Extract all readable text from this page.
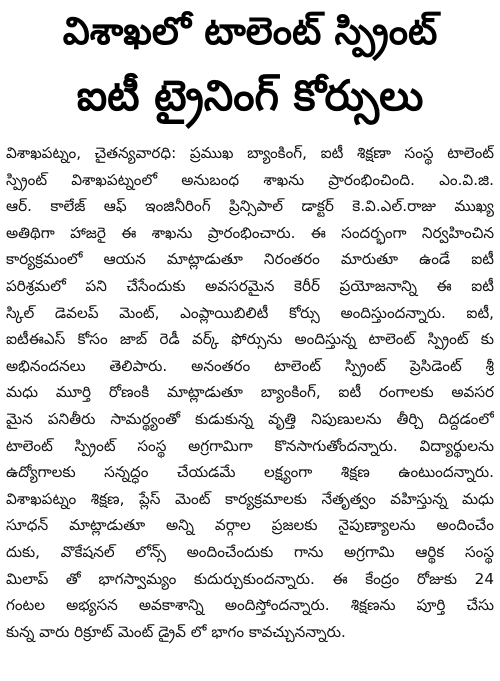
విశాఖలో టాలెంట్ స్ప్రింట్
ఐటీ ట్రైనింగ్ కోర్సులు
విశాఖపట్నం, చైతన్యవారధి: ప్రముఖ బ్యాంకింగ్, ఐటీ శిక్షణా సంస్థ టాలెంట్
స్ప్రింట్ విశాఖపట్నంలో అనుబంధ శాఖను ప్రారంభించింది. ఎం.వి.జి.
ఆర్. కాలేజ్ ఆఫ్ ఇంజినీరింగ్ ప్రిన్సిపాల్ డాక్టర్ కె.వి.ఎల్.రాజు ముఖ్య
అతిథిగా హాజరై ఈ శాఖను ప్రారంభించారు. ఈ సందర్భంగా నిర్వహించిన
కార్యక్రమంలో ఆయన మాట్లాడుతూ నిరంతరం మారుతూ ఉండే ఐటీ
పరిశ్రమలో పని చేసేందుకు అవసరమైన కెరీర్ ప్రయోజనాన్ని ఈ ఐటీ
స్కిల్ డెవలప్ మెంట్, ఎంప్లాయిబిలిటీ కోర్సు అందిస్తుందన్నారు. ఐటీ,
ఐటీఈఎస్ కోసం జాబ్ రెడీ వర్క్ ఫోర్సును అందిస్తున్న టాలెంట్ స్ప్రింట్ కు
అభినందనలు తెలిపారు. అనంతరం టాలెంట్ స్ప్రింట్ ప్రెసిడెంట్ శ్రీ
మధు మూర్తి రోణంకి మాట్లాడుతూ బ్యాంకింగ్, ఐటీ రంగాలకు అవసర
మైన పనితీరు సామర్థ్యంతో కుడుకున్న వృత్తి నిపుణులను తీర్చి దిద్దడంలో
టాలెంట్ స్ప్రింట్ సంస్థ అగ్రగామిగా కొనసాగుతోందన్నారు. విద్యార్థులను
ఉద్యోగాలకు సన్నద్ధం చేయడమే లక్ష్యంగా శిక్షణ ఉంటుందన్నారు.
విశాఖపట్నం శిక్షణ, ప్లేస్ మెంట్ కార్యక్రమాలకు నేతృత్వం వహిస్తున్న మధు
సూధన్ మాట్లాడుతూ అన్ని వర్గాల ప్రజలకు నైపుణ్యాలను అందించేం
దుకు, వొకేషనల్ లోన్స్ అందించేందుకు గాను అగ్రగామి ఆర్థిక సంస్థ
మిలాప్ తో భాగస్వామ్యం కుదుర్చుకుందన్నారు. ఈ కేంద్రం రోజుకు 24
గంటల అభ్యసన అవకాశాన్ని అందిస్తోందన్నారు. శిక్షణను పూర్తి చేసు
కున్న వారు రిక్రూట్ మెంట్ డ్రైవ్ లో భాగం కావచ్చునన్నారు.
